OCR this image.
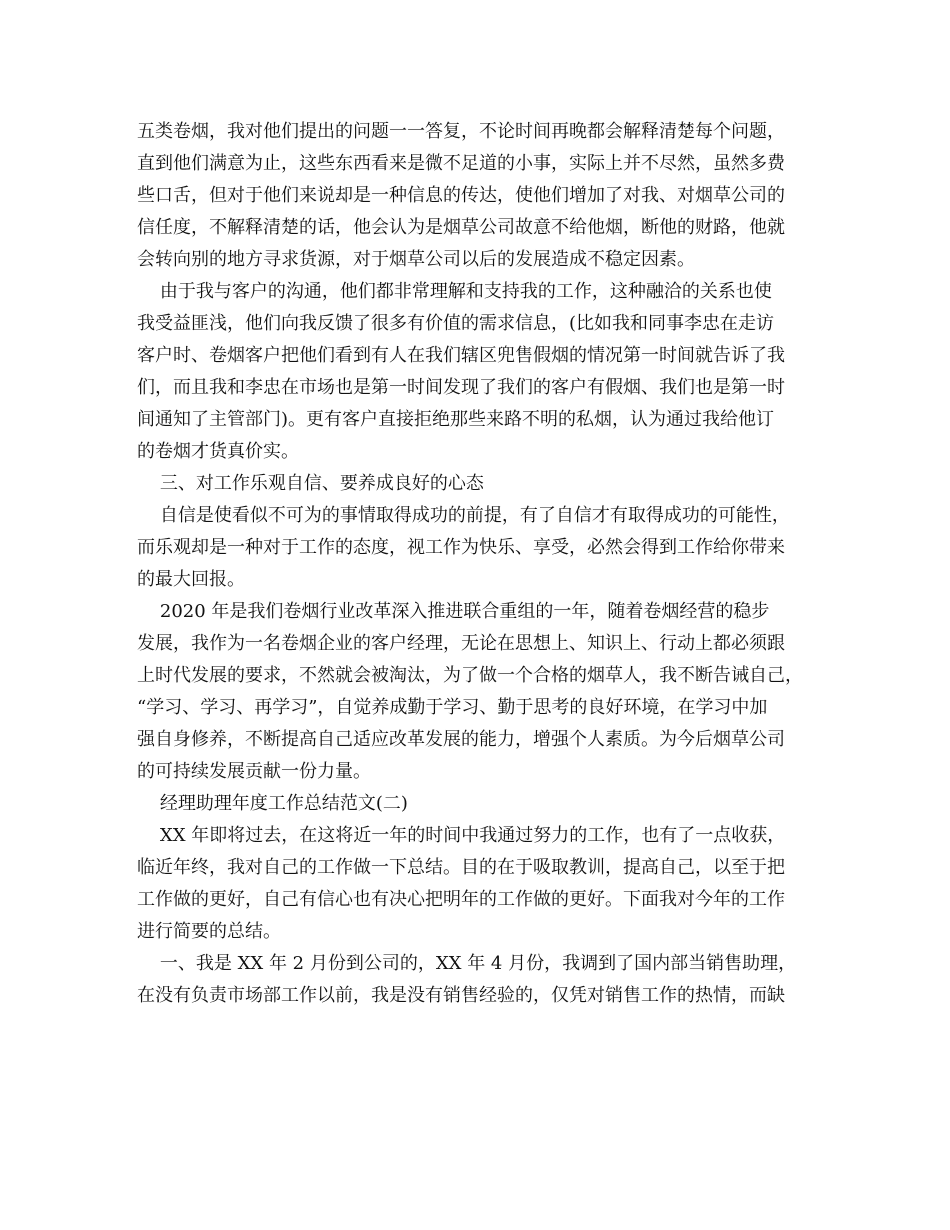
五类卷烟，我对他们提出的问题一一答复，不论时间再晚都会解释清楚每个问题，

直到他们满意为止，这些东西看来是微不足道的小事，实际上并不尽然，虽然多费

些口舌，但对于他们来说却是一种信息的传达，使他们增加了对我、对烟草公司的

信任度，不解释清楚的话，他会认为是烟草公司故意不给他烟，断他的财路，他就

会转向别的地方寻求货源，对于烟草公司以后的发展造成不稳定因素。

由于我与客户的沟通，他们都非常理解和支持我的工作，这种融洽的关系也使

我受益匪浅，他们向我反馈了很多有价值的需求信息，(比如我和同事李忠在走访

客户时、卷烟客户把他们看到有人在我们辖区兜售假烟的情况第一时间就告诉了我

们，而且我和李忠在市场也是第一时间发现了我们的客户有假烟、我们也是第一时

间通知了主管部门)。更有客户直接拒绝那些来路不明的私烟，认为通过我给他订

的卷烟才货真价实。

三、对工作乐观自信、要养成良好的心态

自信是使看似不可为的事情取得成功的前提，有了自信才有取得成功的可能性，

而乐观却是一种对于工作的态度，视工作为快乐、享受，必然会得到工作给你带来

的最大回报。

2020 年是我们卷烟行业改革深入推进联合重组的一年，随着卷烟经营的稳步

发展，我作为一名卷烟企业的客户经理，无论在思想上、知识上、行动上都必须跟

上时代发展的要求，不然就会被淘汰，为了做一个合格的烟草人，我不断告诫自己，

“学习、学习、再学习”，自觉养成勤于学习、勤于思考的良好环境，在学习中加

强自身修养，不断提高自己适应改革发展的能力，增强个人素质。为今后烟草公司

的可持续发展贡献一份力量。

经理助理年度工作总结范文(二)

XX 年即将过去，在这将近一年的时间中我通过努力的工作，也有了一点收获，

临近年终，我对自己的工作做一下总结。目的在于吸取教训，提高自己，以至于把

工作做的更好，自己有信心也有决心把明年的工作做的更好。下面我对今年的工作

进行简要的总结。

一、我是 XX 年 2 月份到公司的，XX 年 4 月份，我调到了国内部当销售助理，

在没有负责市场部工作以前，我是没有销售经验的，仅凭对销售工作的热情，而缺
